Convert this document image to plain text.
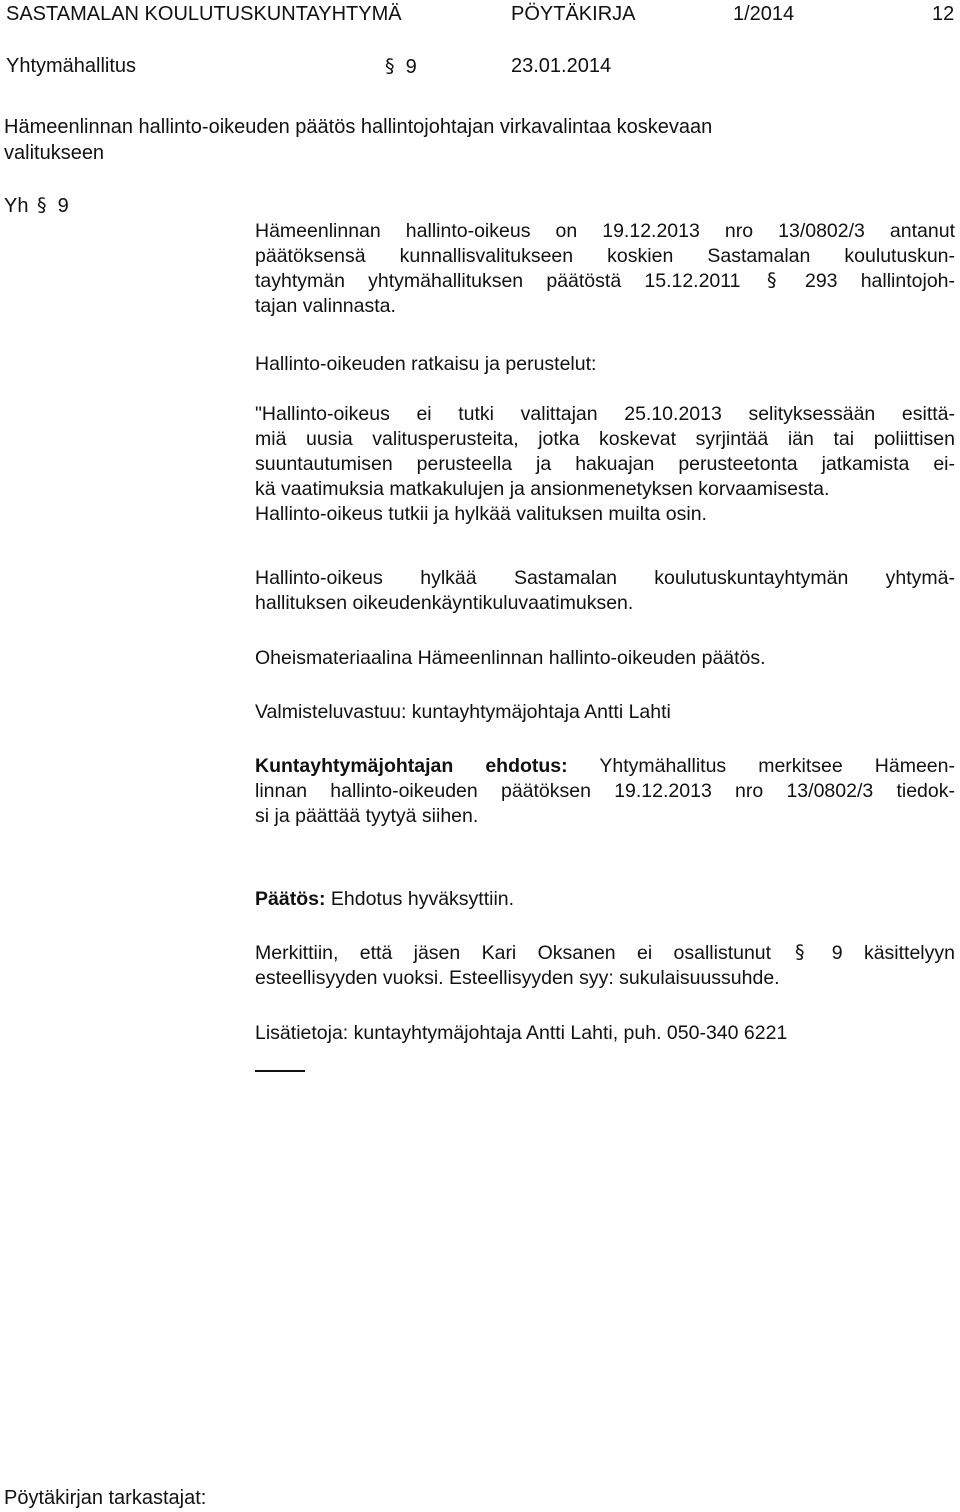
SASTAMALAN KOULUTUSKUNTAYHTYMÄ	PÖYTÄKIRJA	1/2014	12
Yhtymähallitus	§ 9	23.01.2014
Hämeenlinnan hallinto-oikeuden päätös hallintojohtajan virkavalintaa koskevaan
valitukseen
Yh § 9
Hämeenlinnan hallinto-oikeus on 19.12.2013 nro 13/0802/3 antanut
päätöksensä kunnallisvalitukseen koskien Sastamalan koulutuskun-
tayhtymän yhtymähallituksen päätöstä 15.12.2011 § 293 hallintojoh-
tajan valinnasta.
Hallinto-oikeuden ratkaisu ja perustelut:
"Hallinto-oikeus ei tutki valittajan 25.10.2013 selityksessään esittä-
miä uusia valitusperusteita, jotka koskevat syrjintää iän tai poliittisen
suuntautumisen perusteella ja hakuajan perusteetonta jatkamista ei-
kä vaatimuksia matkakulujen ja ansionmenetyksen korvaamisesta.
Hallinto-oikeus tutkii ja hylkää valituksen muilta osin.
Hallinto-oikeus hylkää Sastamalan koulutuskuntayhtymän yhtymä-
hallituksen oikeudenkäyntikuluvaatimuksen.
Oheismateriaalina Hämeenlinnan hallinto-oikeuden päätös.
Valmisteluvastuu: kuntayhtymäjohtaja Antti Lahti
Kuntayhtymäjohtajan ehdotus: Yhtymähallitus merkitsee Hämeen-
linnan hallinto-oikeuden päätöksen 19.12.2013 nro 13/0802/3 tiedok-
si ja päättää tyytyä siihen.
Päätös: Ehdotus hyväksyttiin.
Merkittiin, että jäsen Kari Oksanen ei osallistunut § 9 käsittelyyn
esteellisyyden vuoksi. Esteellisyyden syy: sukulaisuussuhde.
Lisätietoja: kuntayhtymäjohtaja Antti Lahti, puh. 050-340 6221
Pöytäkirjan tarkastajat:
